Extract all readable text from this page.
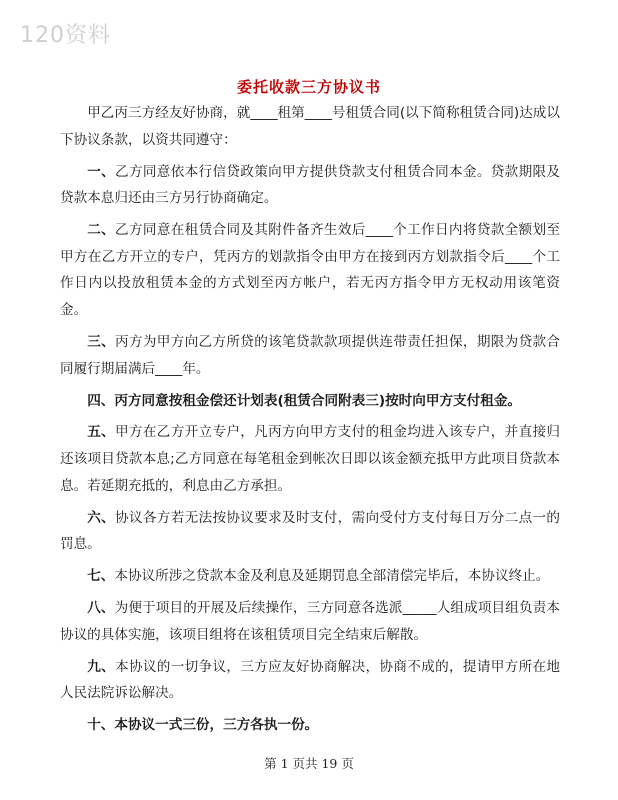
120资料
委托收款三方协议书

甲乙丙三方经友好协商，就____租第____号租赁合同(以下简称租赁合同)达成以下协议条款，以资共同遵守：

一、乙方同意依本行信贷政策向甲方提供贷款支付租赁合同本金。贷款期限及贷款本息归还由三方另行协商确定。

二、乙方同意在租赁合同及其附件备齐生效后____个工作日内将贷款全额划至甲方在乙方开立的专户，凭丙方的划款指令由甲方在接到丙方划款指令后____个工作日内以投放租赁本金的方式划至丙方帐户，若无丙方指令甲方无权动用该笔资金。

三、丙方为甲方向乙方所贷的该笔贷款款项提供连带责任担保，期限为贷款合同履行期届满后____年。

四、丙方同意按租金偿还计划表(租赁合同附表三)按时向甲方支付租金。

五、甲方在乙方开立专户，凡丙方向甲方支付的租金均进入该专户，并直接归还该项目贷款本息;乙方同意在每笔租金到帐次日即以该金额充抵甲方此项目贷款本息。若延期充抵的，利息由乙方承担。

六、协议各方若无法按协议要求及时支付，需向受付方支付每日万分二点一的罚息。

七、本协议所涉之贷款本金及利息及延期罚息全部清偿完毕后，本协议终止。

八、为便于项目的开展及后续操作，三方同意各选派_____人组成项目组负责本协议的具体实施，该项目组将在该租赁项目完全结束后解散。

九、本协议的一切争议，三方应友好协商解决，协商不成的，提请甲方所在地人民法院诉讼解决。

十、本协议一式三份，三方各执一份。

第 1 页共 19 页
